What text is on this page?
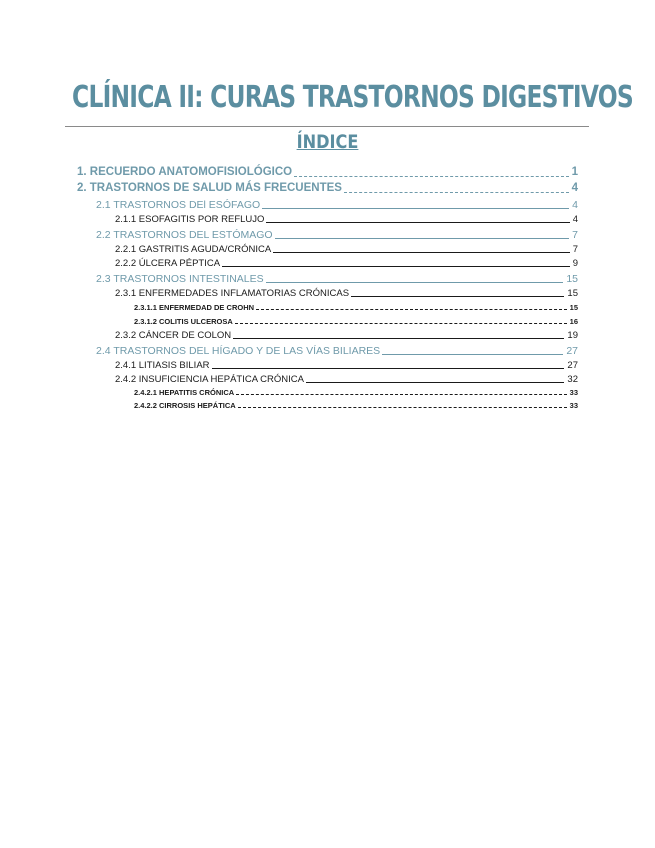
CLÍNICA II: CURAS TRASTORNOS DIGESTIVOS
ÍNDICE
1. RECUERDO ANATOMOFISIOLÓGICO	1
2. TRASTORNOS DE SALUD MÁS FRECUENTES	4
2.1 TRASTORNOS DEl ESÓFAGO	4
2.1.1 ESOFAGITIS POR REFLUJO	4
2.2 TRASTORNOS DEL ESTÓMAGO	7
2.2.1 GASTRITIS AGUDA/CRÓNICA	7
2.2.2 ÚLCERA PÉPTICA	9
2.3 TRASTORNOS INTESTINALES	15
2.3.1 ENFERMEDADES INFLAMATORIAS CRÓNICAS	15
2.3.1.1 ENFERMEDAD DE CROHN	15
2.3.1.2 COLITIS ULCEROSA	16
2.3.2 CÁNCER DE COLON	19
2.4 TRASTORNOS DEL HÍGADO Y DE LAS VÍAS BILIARES	27
2.4.1 LITIASIS BILIAR	27
2.4.2 INSUFICIENCIA HEPÁTICA CRÓNICA	32
2.4.2.1 HEPATITIS CRÓNICA	33
2.4.2.2 CIRROSIS HEPÁTICA	33
